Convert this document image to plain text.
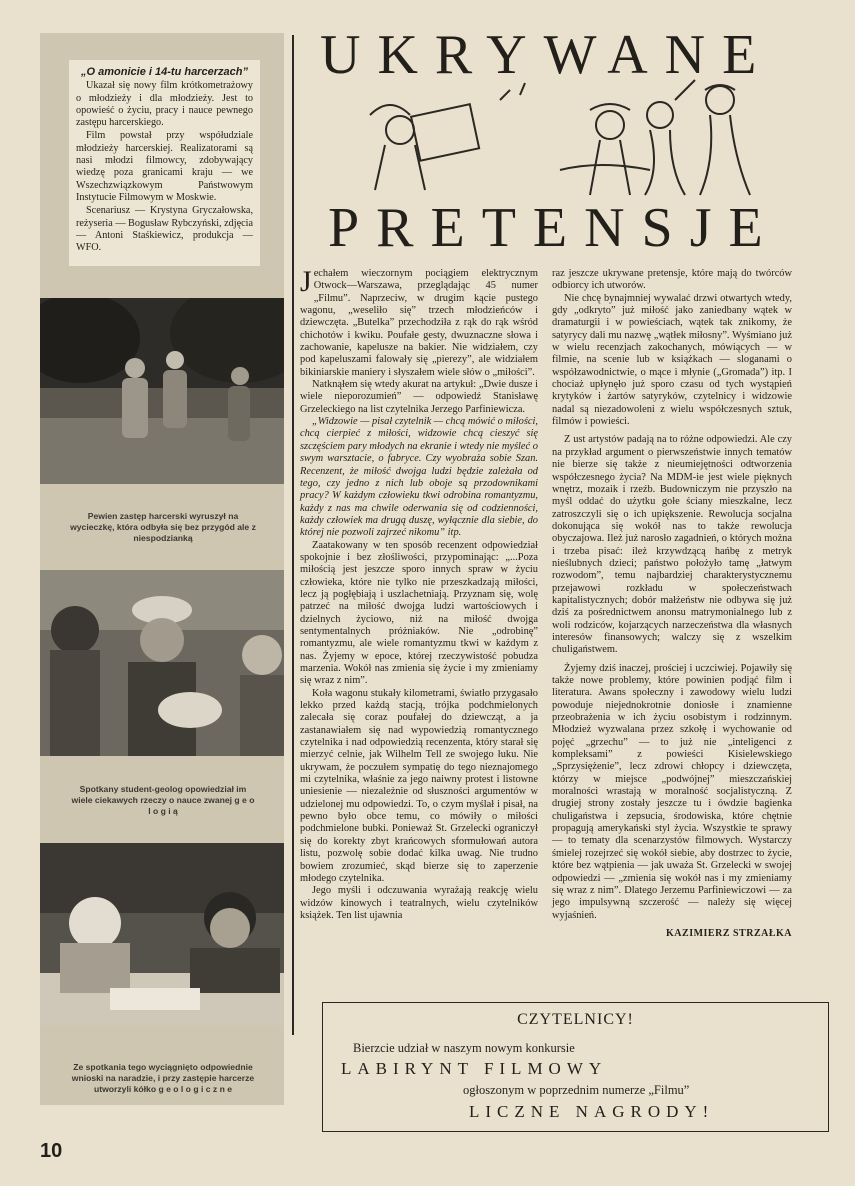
„O amonicie i 14-tu harcerzach”

Ukazał się nowy film krótkometrażowy o młodzieży i dla młodzieży. Jest to opowieść o życiu, pracy i nauce pewnego zastępu harcerskiego.

Film powstał przy współudziale młodzieży harcerskiej. Realizatorami są nasi młodzi filmowcy, zdobywający wiedzę poza granicami kraju — we Wszechzwiązkowym Państwowym Instytucie Filmowym w Moskwie.

Scenariusz — Krystyna Gryczałowska, reżyseria — Bogusław Rybczyński, zdjęcia — Antoni Staśkiewicz, produkcja — WFO.

Pewien zastęp harcerski wyruszył na wycieczkę, która odbyła się bez przygód ale z niespodzianką
Spotkany student-geolog opowiedział im wiele ciekawych rzeczy o nauce zwanej g e o l o g i ą
Ze spotkania tego wyciągnięto odpowiednie wnioski na naradzie, i przy zastępie harcerze utworzyli kółko g e o l o g i c z n e
UKRYWANE
PRETENSJE

Jechałem wieczornym pociągiem elektrycznym Otwock—Warszawa, przeglądając 45 numer „Filmu”. Naprzeciw, w drugim kącie pustego wagonu, „weseliło się” trzech młodzieńców i dziewczęta. „Butelka” przechodziła z rąk do rąk wśród chichotów i kwiku. Poufałe gesty, dwuznaczne słowa i zachowanie, kapelusze na bakier. Nie widziałem, czy pod kapeluszami falowały się „pierezy”, ale widziałem bikiniarskie maniery i słyszałem wiele słów o „miłości”.

Natknąłem się wtedy akurat na artykuł: „Dwie dusze i wiele nieporozumień” — odpowiedź Stanisławę Grzeleckiego na list czytelnika Jerzego Parfiniewicza.

„Widzowie — pisał czytelnik — chcą mówić o miłości, chcą cierpieć z miłości, widzowie chcą cieszyć się szczęściem pary młodych na ekranie i wtedy nie myśleć o swym warsztacie, o fabryce. Czy wyobraża sobie Szan. Recenzent, że miłość dwojga ludzi będzie zależała od tego, czy jedno z nich lub oboje są przodownikami pracy? W każdym człowieku tkwi odrobina romantyzmu, każdy z nas ma chwile oderwania się od codzienności, każdy człowiek ma drugą duszę, wyłącznie dla siebie, do której nie pozwoli zajrzeć nikomu” itp.

Zaatakowany w ten sposób recenzent odpowiedział spokojnie i bez złośliwości, przypominając: „...Poza miłością jest jeszcze sporo innych spraw w życiu człowieka, które nie tylko nie przeszkadzają miłości, lecz ją pogłębiają i uszlachetniają. Przyznam się, wolę patrzeć na miłość dwojga ludzi wartościowych i dzielnych życiowo, niż na miłość dwojga sentymentalnych próżniaków. Nie „odrobinę” romantyzmu, ale wiele romantyzmu tkwi w każdym z nas. Żyjemy w epoce, której rzeczywistość pobudza marzenia. Wokół nas zmienia się życie i my zmieniamy się wraz z nim”.

Koła wagonu stukały kilometrami, światło przygasało lekko przed każdą stacją, trójka podchmielonych zalecała się coraz poufałej do dziewcząt, a ja zastanawiałem się nad wypowiedzią romantycznego czytelnika i nad odpowiedzią recenzenta, który starał się mierzyć celnie, jak Wilhelm Tell ze swojego łuku. Nie ukrywam, że poczułem sympatię do tego nieznajomego mi czytelnika, właśnie za jego naiwny protest i listowne uniesienie — niezależnie od słuszności argumentów w udzielonej mu odpowiedzi. To, o czym myślał i pisał, na pewno było obce temu, co mówiły o miłości podchmielone bubki. Ponieważ St. Grzelecki ograniczył się do korekty zbyt krańcowych sformułowań autora listu, pozwolę sobie dodać kilka uwag. Nie trudno bowiem zrozumieć, skąd bierze się to zaperzenie młodego czytelnika.

Jego myśli i odczuwania wyrażają reakcję wielu widzów kinowych i teatralnych, wielu czytelników książek. Ten list ujawnia

raz jeszcze ukrywane pretensje, które mają do twórców odbiorcy ich utworów.

Nie chcę bynajmniej wywalać drzwi otwartych wtedy, gdy „odkryto” już miłość jako zaniedbany wątek w dramaturgii i w powieściach, wątek tak znikomy, że satyrycy dali mu nazwę „wątłek miłosny”. Wyśmiano już w wielu recenzjach zakochanych, mówiących — w filmie, na scenie lub w książkach — sloganami o współzawodnictwie, o mące i młynie („Gromada”) itp. I chociaż upłynęło już sporo czasu od tych wystąpień krytyków i żartów satyryków, czytelnicy i widzowie nadal są niezadowoleni z wielu współczesnych sztuk, filmów i powieści.

Z ust artystów padają na to różne odpowiedzi. Ale czy na przykład argument o pierwszeństwie innych tematów nie bierze się także z nieumiejętności odtworzenia współczesnego życia? Na MDM-ie jest wiele pięknych wnętrz, mozaik i rzeźb. Budowniczym nie przyszło na myśl oddać do użytku gołe ściany mieszkalne, lecz zatroszczyli się o ich upiększenie. Rewolucja socjalna dokonująca się wokół nas to także rewolucja obyczajowa. Ileż już narosło zagadnień, o których można i trzeba pisać: ileż krzywdzącą hańbę z metryk nieślubnych dzieci; państwo położyło tamę „łatwym rozwodom”, temu najbardziej charakterystycznemu przejawowi rozkładu w społeczeństwach kapitalistycznych; dobór małżeństw nie odbywa się już dziś za pośrednictwem anonsu matrymonialnego lub z woli rodziców, kojarzących narzeczeństwa dla własnych interesów finansowych; walczy się z wszelkim chuligaństwem.

Żyjemy dziś inaczej, prościej i uczciwiej. Pojawiły się także nowe problemy, które powinien podjąć film i literatura. Awans społeczny i zawodowy wielu ludzi powoduje niejednokrotnie doniosłe i znamienne przeobrażenia w ich życiu osobistym i rodzinnym. Młodzież wyzwalana przez szkołę i wychowanie od pojęć „grzechu” — to już nie „inteligenci z kompleksami” z powieści Kisielewskiego „Sprzysiężenie”, lecz zdrowi chłopcy i dziewczęta, którzy w miejsce „podwójnej” mieszczańskiej moralności wrastają w moralność socjalistyczną. Z drugiej strony zostały jeszcze tu i ówdzie bagienka chuligaństwa i zepsucia, środowiska, które chętnie propagują amerykański styl życia. Wszystkie te sprawy — to tematy dla scenarzystów filmowych. Wystarczy śmielej rozejrzeć się wokół siebie, aby dostrzec to życie, które bez wątpienia — jak uważa St. Grzelecki w swojej odpowiedzi — „zmienia się wokół nas i my zmieniamy się wraz z nim”. Dlatego Jerzemu Parfiniewiczowi — za jego impulsywną szczerość — należy się więcej wyjaśnień.

KAZIMIERZ STRZAŁKA
CZYTELNICY!
Bierzcie udział w naszym nowym konkursie
LABIRYNT FILMOWY
ogłoszonym w poprzednim numerze „Filmu”
LICZNE NAGRODY!
10
